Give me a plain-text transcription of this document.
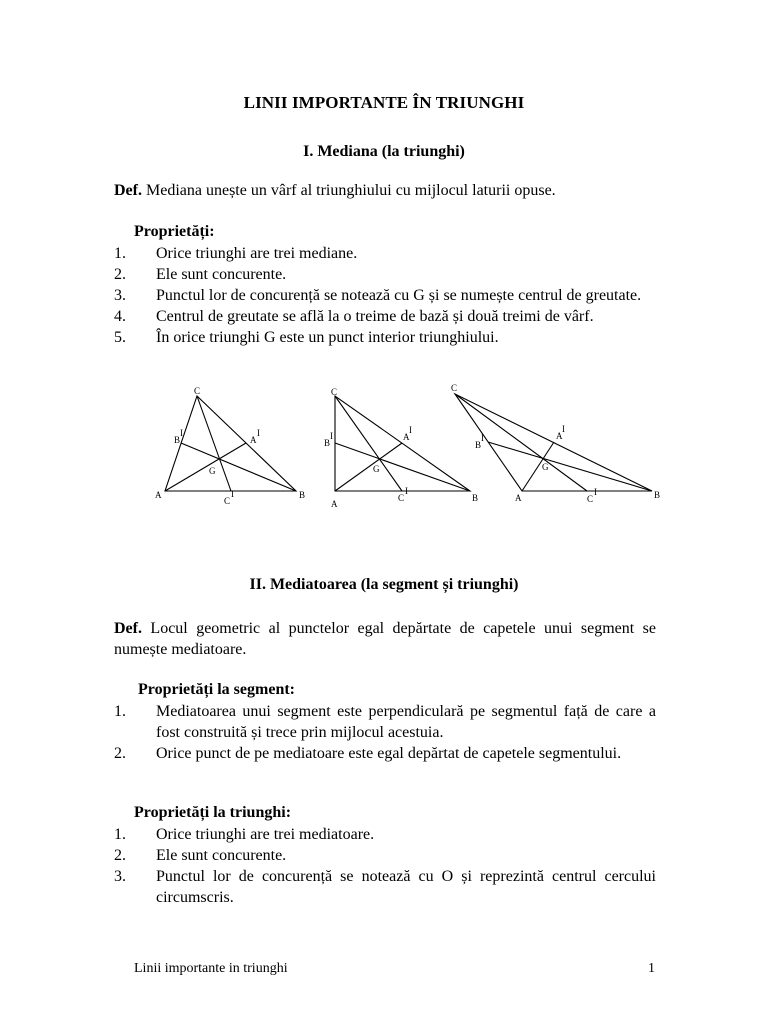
LINII IMPORTANTE ÎN TRIUNGHI
I. Mediana (la triunghi)

Def. Mediana unește un vârf al triunghiului cu mijlocul laturii opuse.

Proprietăți:

1. Orice triunghi are trei mediane.
2. Ele sunt concurente.
3. Punctul lor de concurență se notează cu G și se numește centrul de greutate.
4. Centrul de greutate se află la o treime de bază și două treimi de vârf.
5. În orice triunghi G este un punct interior triunghiului.
A	B
C
A
I
B
I
C
I
G
A
B
C
A
I
B
I
C
I
G
A	B
C
A
I
B
I
C
I
G
II. Mediatoarea (la segment și triunghi)

Def. Locul geometric al punctelor egal depărtate de capetele unui segment se numește mediatoare.

Proprietăți la segment:

1. Mediatoarea unui segment este perpendiculară pe segmentul față de care a fost construită și trece prin mijlocul acestuia.
2. Orice punct de pe mediatoare este egal depărtat de capetele segmentului.

Proprietăți la triunghi:

1. Orice triunghi are trei mediatoare.
2. Ele sunt concurente.
3. Punctul lor de concurență se notează cu O și reprezintă centrul cercului circumscris.

Linii importante in triunghi	1
